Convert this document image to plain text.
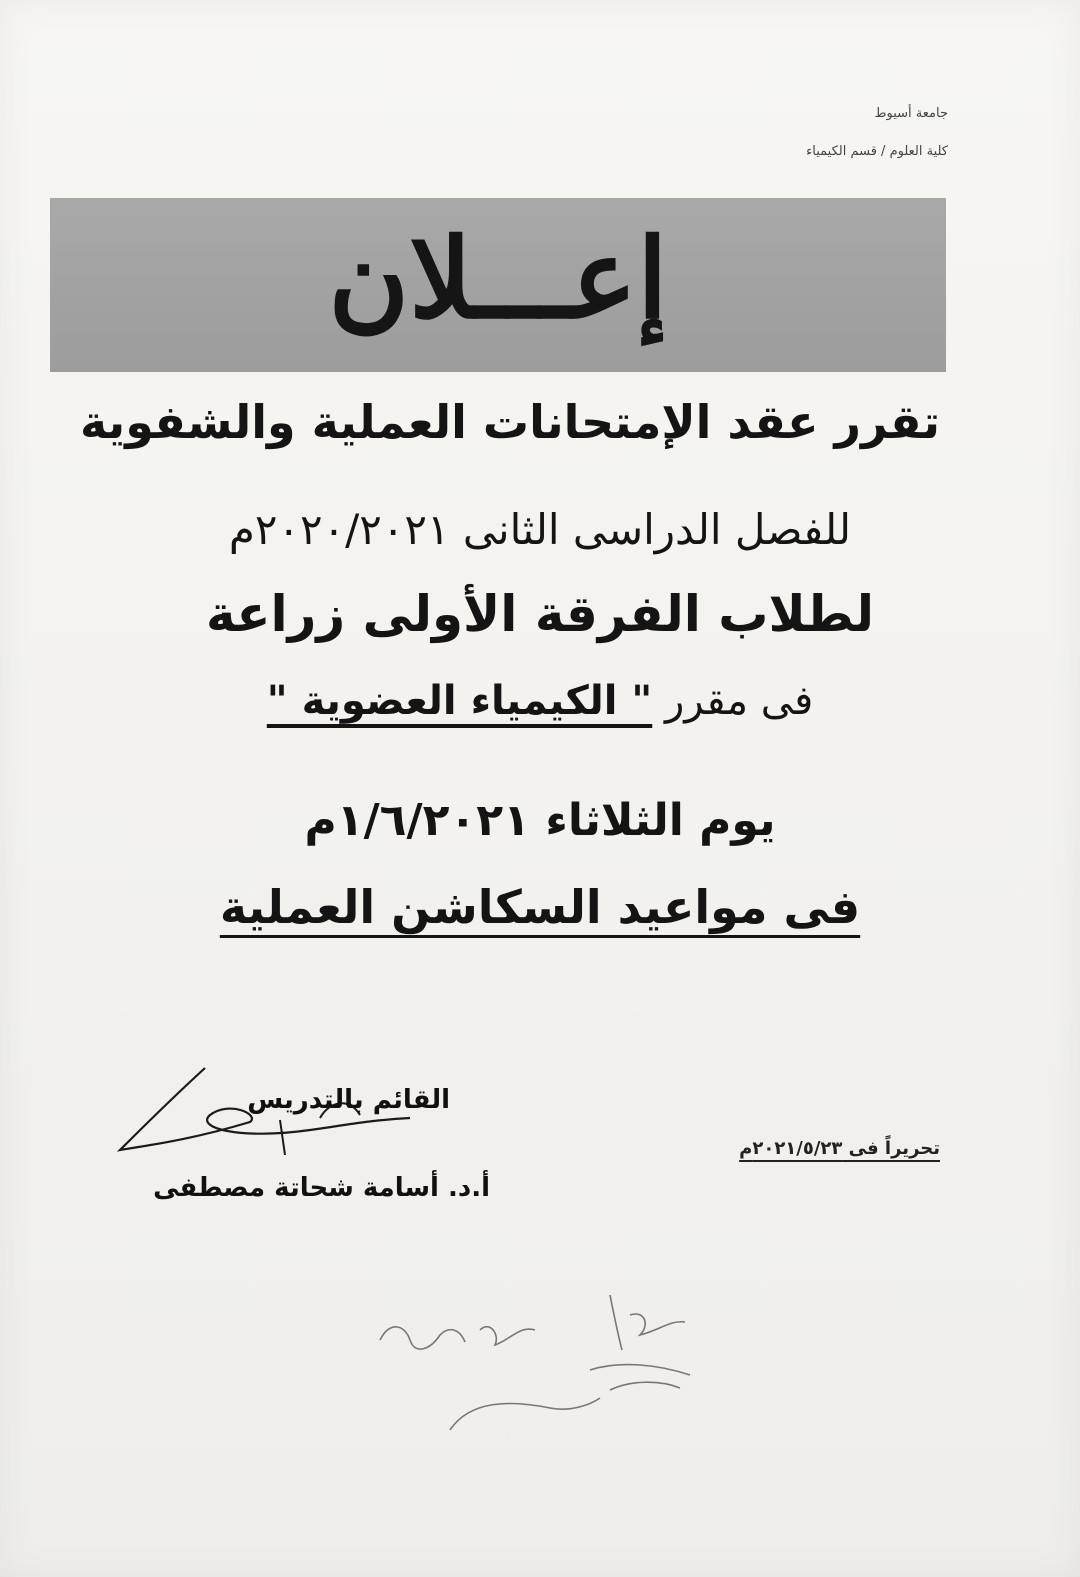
جامعة أسيوط
كلية العلوم / قسم الكيمياء
إعـــلان
تقرر عقد الإمتحانات العملية والشفوية
للفصل الدراسى الثانى ٢٠٢٠/٢٠٢١م
لطلاب الفرقة الأولى زراعة
فى مقرر " الكيمياء العضوية "
يوم الثلاثاء ١/٦/٢٠٢١م
فى مواعيد السكاشن العملية
القائم بالتدريس
أ.د. أسامة شحاتة مصطفى
تحريراً فى ٢٠٢١/٥/٢٣م
